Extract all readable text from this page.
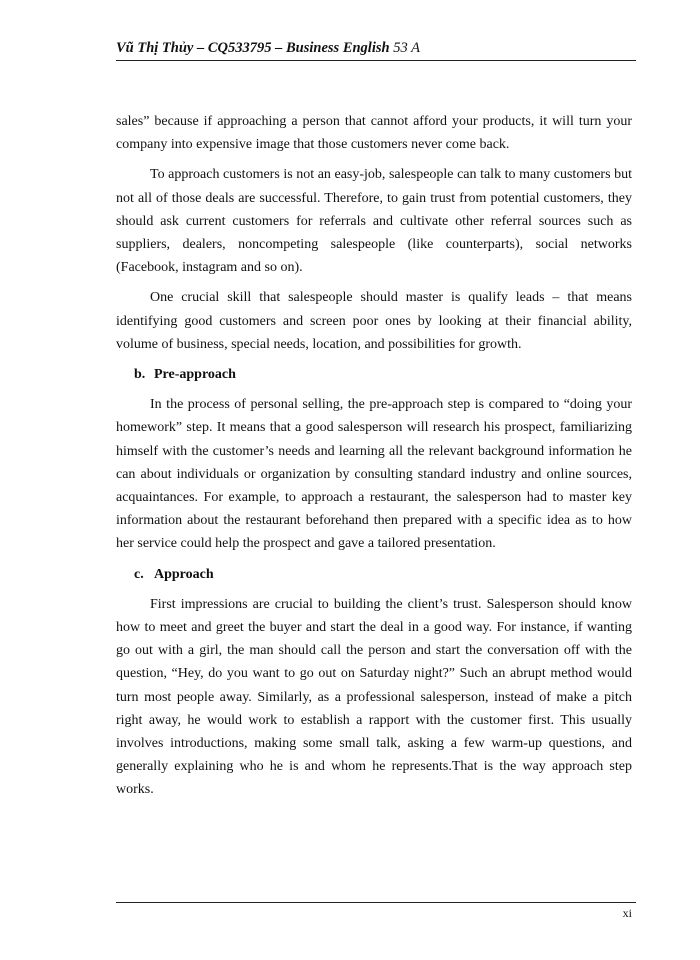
Vũ Thị Thủy – CQ533795 – Business English 53 A

sales” because if approaching a person that cannot afford your products, it will turn your company into expensive image that those customers never come back.

To approach customers is not an easy-job, salespeople can talk to many customers but not all of those deals are successful. Therefore, to gain trust from potential customers, they should ask current customers for referrals and cultivate other referral sources such as suppliers, dealers, noncompeting salespeople (like counterparts), social networks (Facebook, instagram and so on).

One crucial skill that salespeople should master is qualify leads – that means identifying good customers and screen poor ones by looking at their financial ability, volume of business, special needs, location, and possibilities for growth.

b. Pre-approach

In the process of personal selling, the pre-approach step is compared to “doing your homework” step. It means that a good salesperson will research his prospect, familiarizing himself with the customer’s needs and learning all the relevant background information he can about individuals or organization by consulting standard industry and online sources, acquaintances. For example, to approach a restaurant, the salesperson had to master key information about the restaurant beforehand then prepared with a specific idea as to how her service could help the prospect and gave a tailored presentation.

c. Approach

First impressions are crucial to building the client’s trust. Salesperson should know how to meet and greet the buyer and start the deal in a good way. For instance, if wanting go out with a girl, the man should call the person and start the conversation off with the question, “Hey, do you want to go out on Saturday night?” Such an abrupt method would turn most people away. Similarly, as a professional salesperson, instead of make a pitch right away, he would work to establish a rapport with the customer first. This usually involves introductions, making some small talk, asking a few warm-up questions, and generally explaining who he is and whom he represents.That is the way approach step works.

xi
